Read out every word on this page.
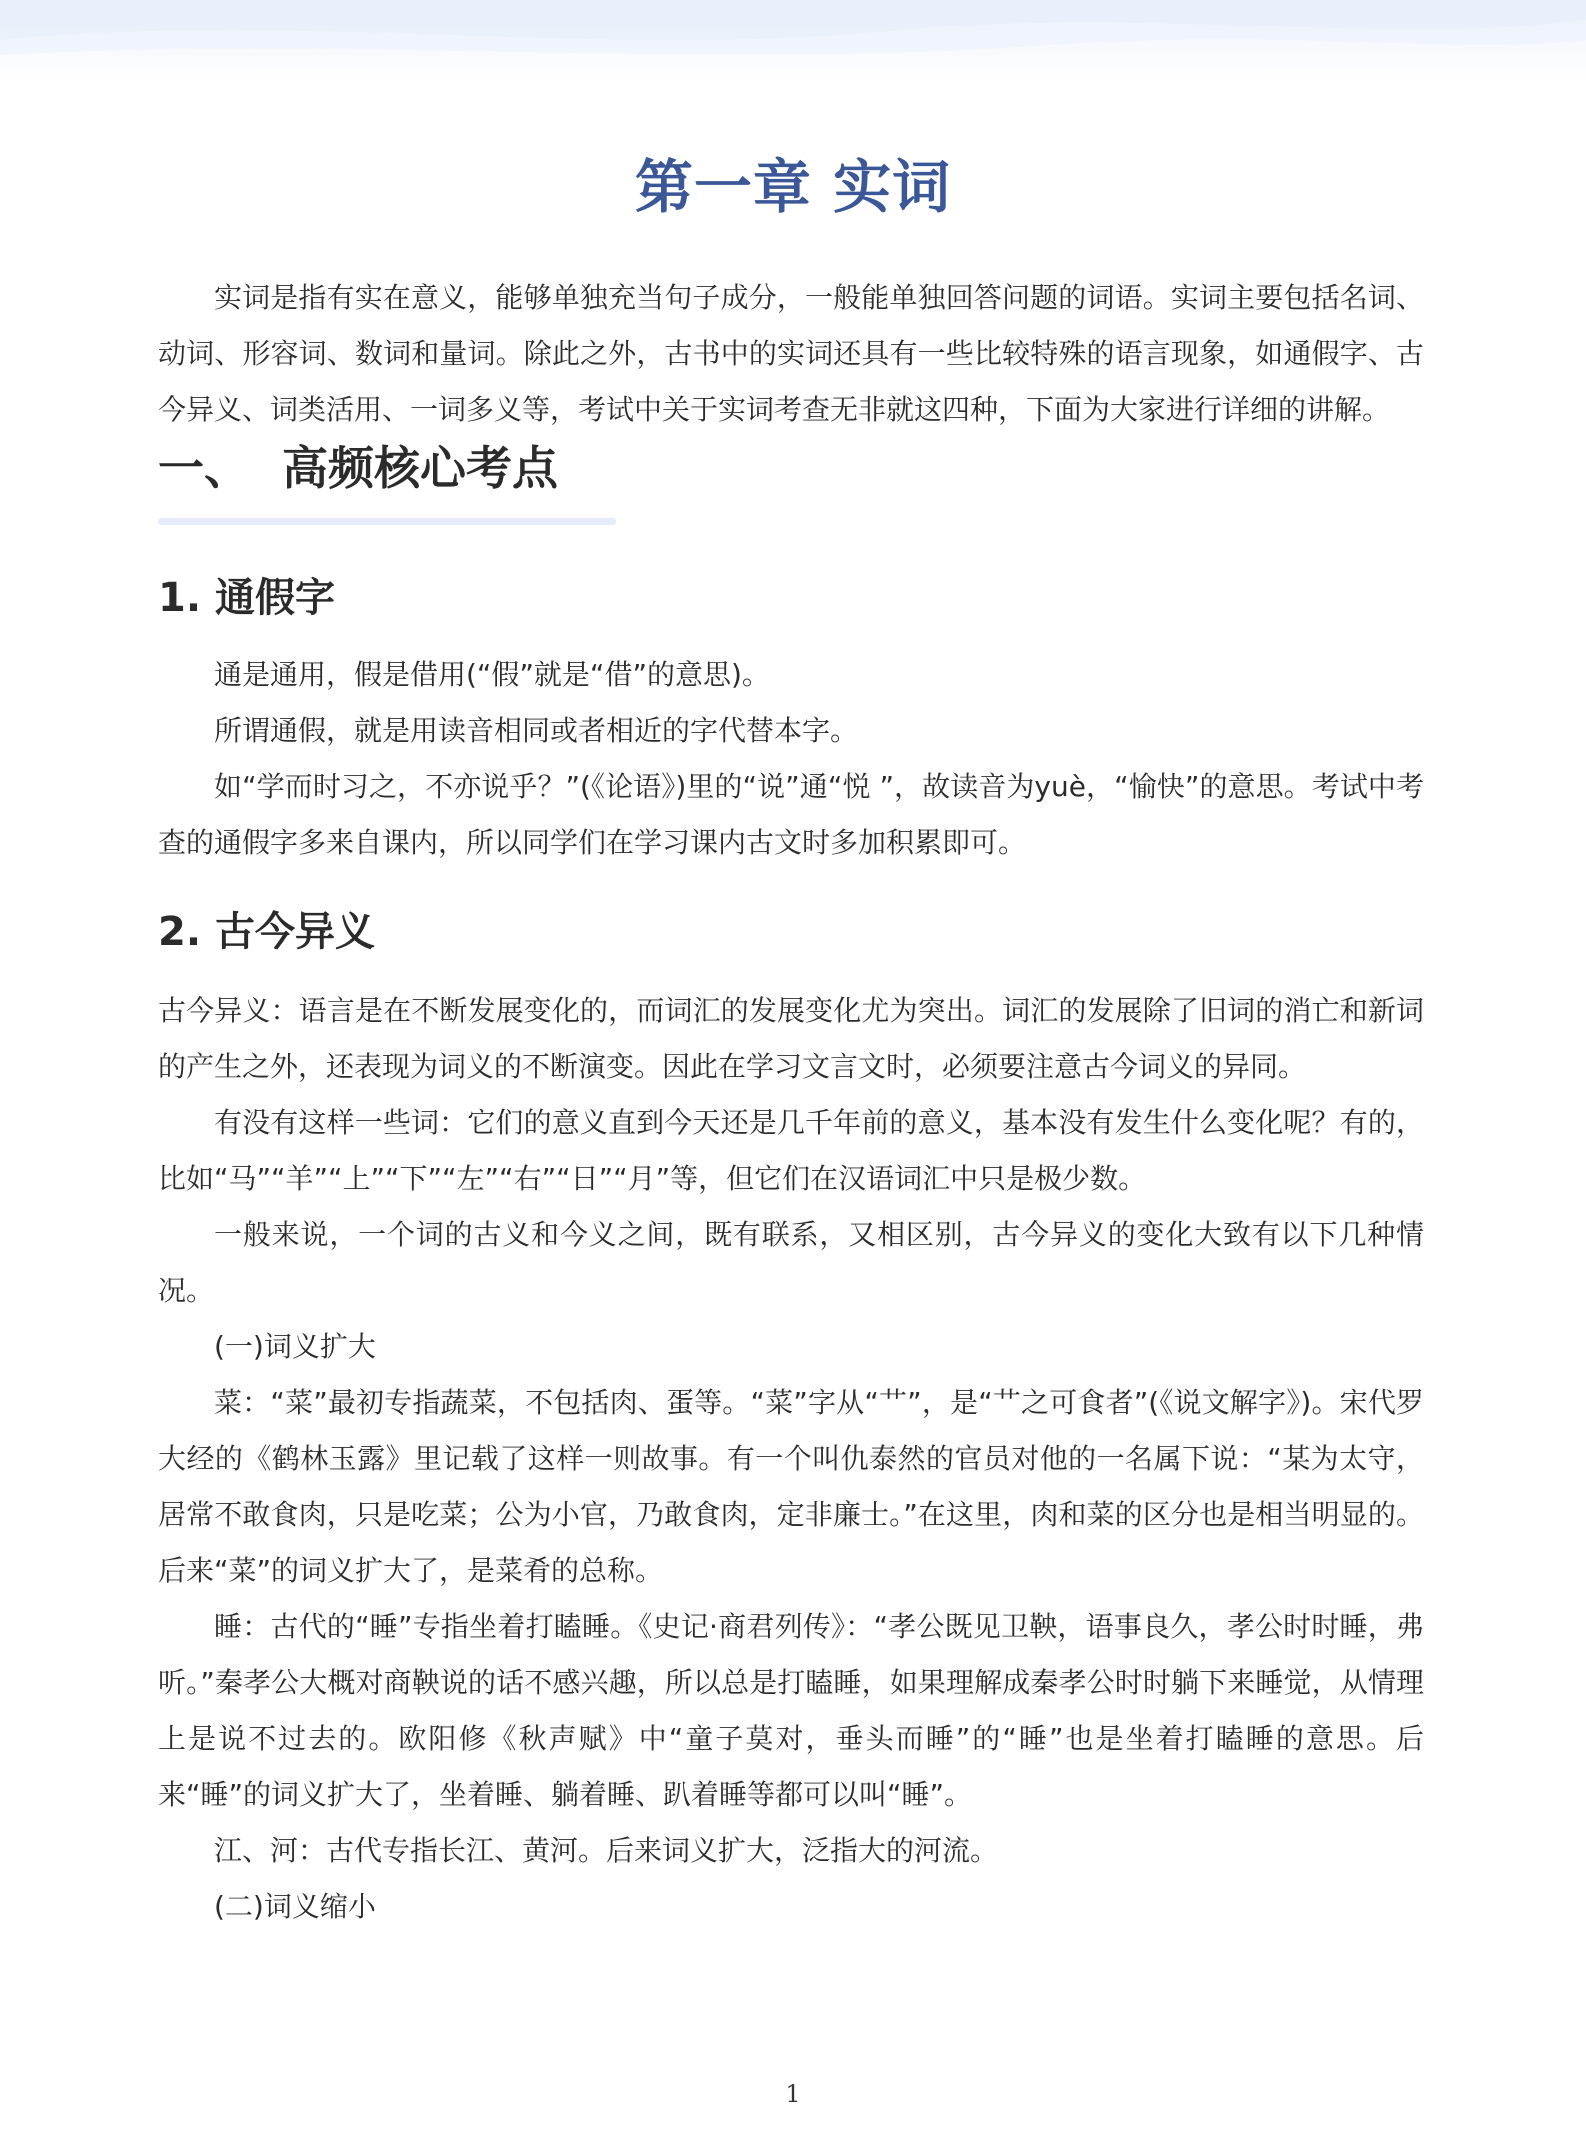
第一章 实词

实词是指有实在意义，能够单独充当句子成分，一般能单独回答问题的词语。实词主要包括名词、动词、形容词、数词和量词。除此之外，古书中的实词还具有一些比较特殊的语言现象，如通假字、古今异义、词类活用、一词多义等，考试中关于实词考查无非就这四种，下面为大家进行详细的讲解。

一、  高频核心考点
1. 通假字

通是通用，假是借用(“假”就是“借”的意思)。

所谓通假，就是用读音相同或者相近的字代替本字。

如“学而时习之，不亦说乎？”(《论语》)里的“说”通“悦 ”，故读音为yuè，“愉快”的意思。考试中考查的通假字多来自课内，所以同学们在学习课内古文时多加积累即可。

2. 古今异义

古今异义：语言是在不断发展变化的，而词汇的发展变化尤为突出。词汇的发展除了旧词的消亡和新词的产生之外，还表现为词义的不断演变。因此在学习文言文时，必须要注意古今词义的异同。

有没有这样一些词：它们的意义直到今天还是几千年前的意义，基本没有发生什么变化呢？有的，比如“马”“羊”“上”“下”“左”“右”“日”“月”等，但它们在汉语词汇中只是极少数。

一般来说，一个词的古义和今义之间，既有联系，又相区别，古今异义的变化大致有以下几种情况。

(一)词义扩大

菜：“菜”最初专指蔬菜，不包括肉、蛋等。“菜”字从“艹”，是“艹之可食者”(《说文解字》)。宋代罗大经的《鹤林玉露》里记载了这样一则故事。有一个叫仇泰然的官员对他的一名属下说：“某为太守，居常不敢食肉，只是吃菜；公为小官，乃敢食肉，定非廉士。”在这里，肉和菜的区分也是相当明显的。后来“菜”的词义扩大了，是菜肴的总称。

睡：古代的“睡”专指坐着打瞌睡。《史记·商君列传》：“孝公既见卫鞅，语事良久，孝公时时睡，弗听。”秦孝公大概对商鞅说的话不感兴趣，所以总是打瞌睡，如果理解成秦孝公时时躺下来睡觉，从情理上是说不过去的。欧阳修《秋声赋》中“童子莫对，垂头而睡”的“睡”也是坐着打瞌睡的意思。后来“睡”的词义扩大了，坐着睡、躺着睡、趴着睡等都可以叫“睡”。

江、河：古代专指长江、黄河。后来词义扩大，泛指大的河流。

(二)词义缩小

1
